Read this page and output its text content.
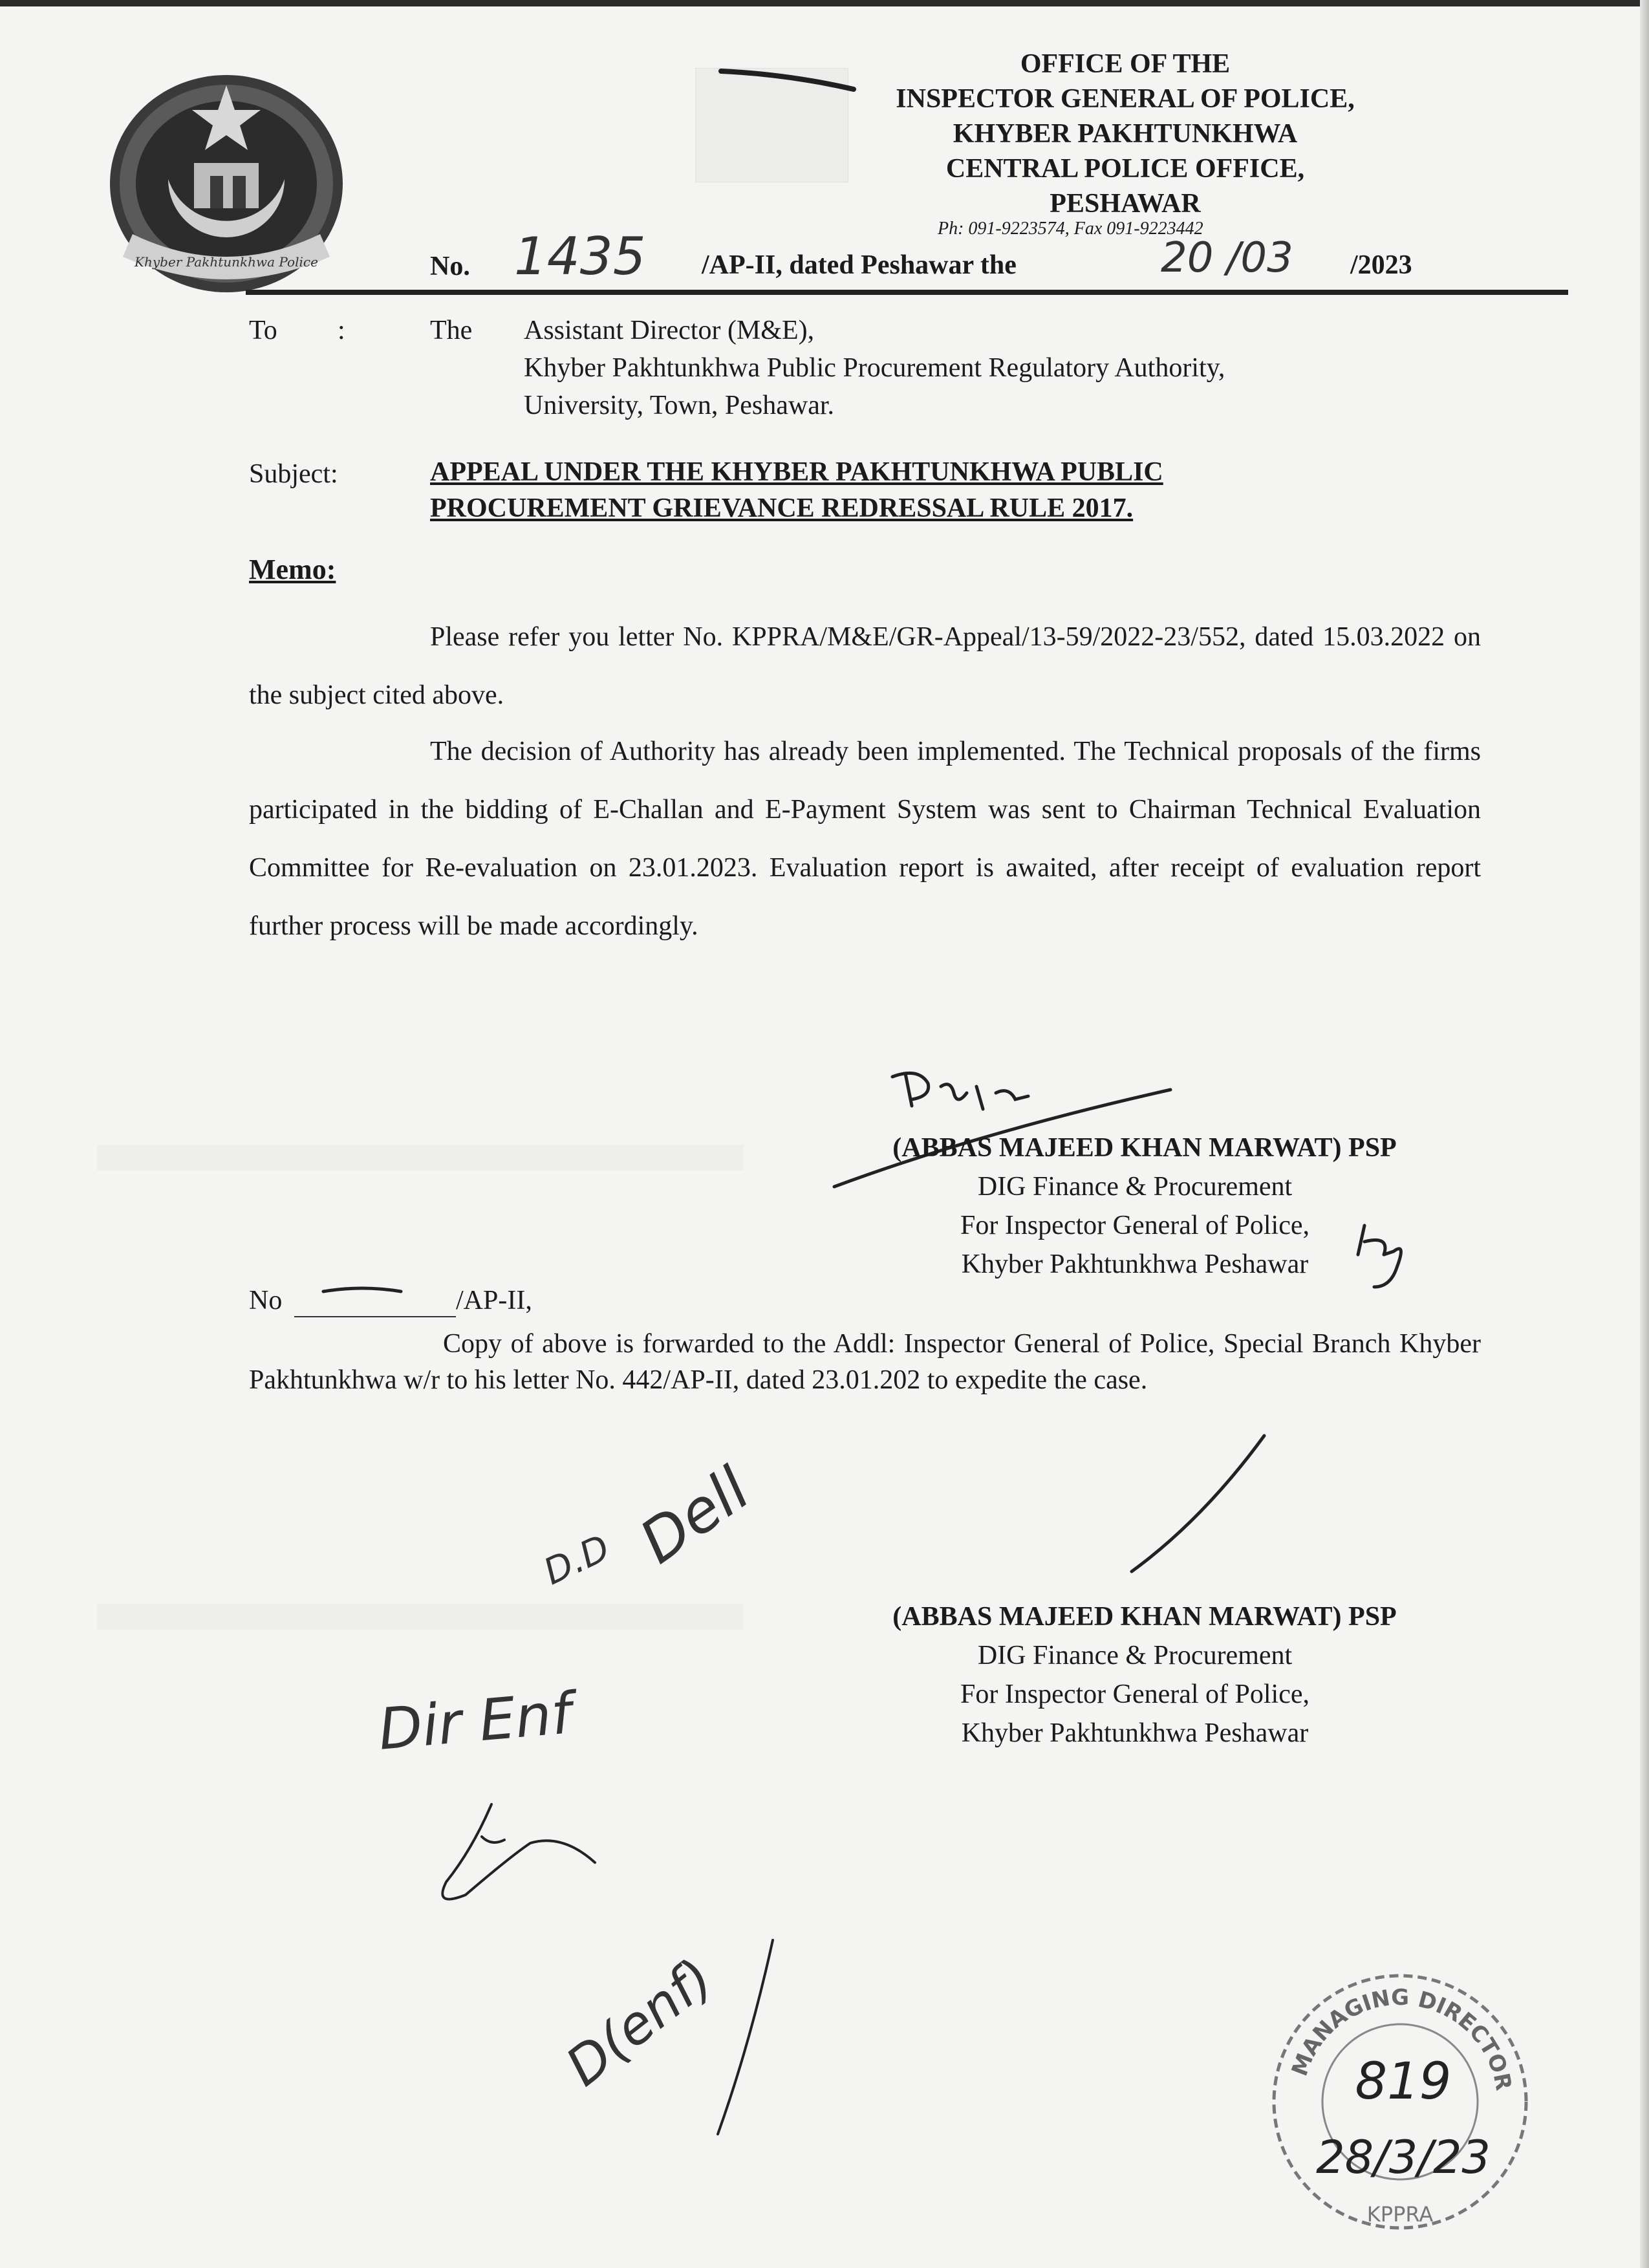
Khyber Pakhtunkhwa Police
OFFICE OF THE
INSPECTOR GENERAL OF POLICE,
KHYBER PAKHTUNKHWA
CENTRAL POLICE OFFICE,
PESHAWAR
Ph: 091-9223574, Fax 091-9223442
No. 1435 /AP-II, dated Peshawar the	20 /03 /2023
To :	The Assistant Director (M&E),
Khyber Pakhtunkhwa Public Procurement Regulatory Authority,
University, Town, Peshawar.
Subject:	APPEAL UNDER THE KHYBER PAKHTUNKHWA PUBLIC
PROCUREMENT GRIEVANCE REDRESSAL RULE 2017.
Memo:
Please refer you letter No. KPPRA/M&E/GR-Appeal/13-59/2022-23/552, dated 15.03.2022 on the subject cited above.
The decision of Authority has already been implemented. The Technical proposals of the firms participated in the bidding of E-Challan and E-Payment System was sent to Chairman Technical Evaluation Committee for Re-evaluation on 23.01.2023. Evaluation report is awaited, after receipt of evaluation report further process will be made accordingly.
(ABBAS MAJEED KHAN MARWAT) PSP
DIG Finance & Procurement
For Inspector General of Police,
Khyber Pakhtunkhwa Peshawar
No	/AP-II,
Copy of above is forwarded to the Addl: Inspector General of Police, Special Branch Khyber Pakhtunkhwa w/r to his letter No. 442/AP-II, dated 23.01.202 to expedite the case.
(ABBAS MAJEED KHAN MARWAT) PSP
DIG Finance & Procurement
For Inspector General of Police,
Khyber Pakhtunkhwa Peshawar
D.D Dell
Dir Enf
D(enf)	MANAGING DIRECTOR
KPPRA
819
28/3/23
